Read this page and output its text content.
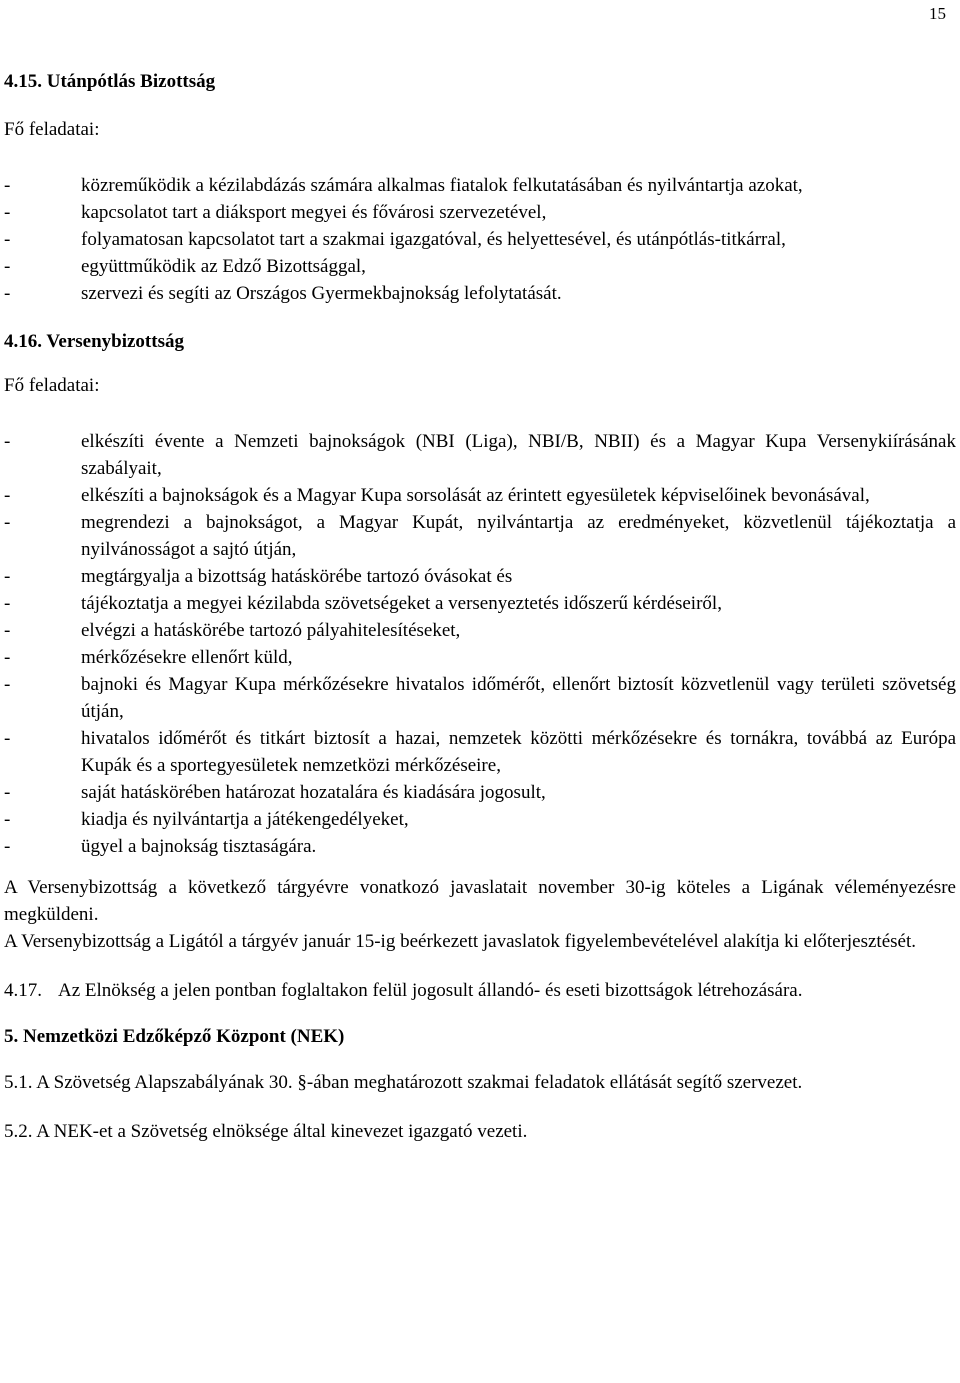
15

4.15. Utánpótlás Bizottság

Fő feladatai:

-	közreműködik a kézilabdázás számára alkalmas fiatalok felkutatásában és nyilvántartja azokat,
-	kapcsolatot tart a diáksport megyei és fővárosi szervezetével,
-	folyamatosan kapcsolatot tart a szakmai igazgatóval, és helyettesével, és utánpótlás-titkárral,
-	együttműködik az Edző Bizottsággal,
-	szervezi és segíti az Országos Gyermekbajnokság lefolytatását.

4.16. Versenybizottság

Fő feladatai:

-	elkészíti évente a Nemzeti bajnokságok (NBI (Liga), NBI/B, NBII) és a Magyar Kupa Versenykiírásának szabályait,
-	elkészíti a bajnokságok és a Magyar Kupa sorsolását az érintett egyesületek képviselőinek bevonásával,
-	megrendezi a bajnokságot, a Magyar Kupát, nyilvántartja az eredményeket, közvetlenül tájékoztatja a nyilvánosságot a sajtó útján,
-	megtárgyalja a bizottság hatáskörébe tartozó óvásokat és
-	tájékoztatja a megyei kézilabda szövetségeket a versenyeztetés időszerű kérdéseiről,
-	elvégzi a hatáskörébe tartozó pályahitelesítéseket,
-	mérkőzésekre ellenőrt küld,
-	bajnoki és Magyar Kupa mérkőzésekre hivatalos időmérőt, ellenőrt biztosít közvetlenül vagy területi szövetség útján,
-	hivatalos időmérőt és titkárt biztosít a hazai, nemzetek közötti mérkőzésekre és tornákra, továbbá az Európa Kupák és a sportegyesületek nemzetközi mérkőzéseire,
-	saját hatáskörében határozat hozatalára és kiadására jogosult,
-	kiadja és nyilvántartja a játékengedélyeket,
-	ügyel a bajnokság tisztaságára.

A Versenybizottság a következő tárgyévre vonatkozó javaslatait november 30-ig köteles a Ligának véleményezésre megküldeni.

A Versenybizottság a Ligától a tárgyév január 15-ig beérkezett javaslatok figyelembevételével alakítja ki előterjesztését.

4.17. Az Elnökség a jelen pontban foglaltakon felül jogosult állandó- és eseti bizottságok létrehozására.

5. Nemzetközi Edzőképző Központ (NEK)

5.1. A Szövetség Alapszabályának 30. §-ában meghatározott szakmai feladatok ellátását segítő szervezet.

5.2. A NEK-et a Szövetség elnöksége által kinevezet igazgató vezeti.
